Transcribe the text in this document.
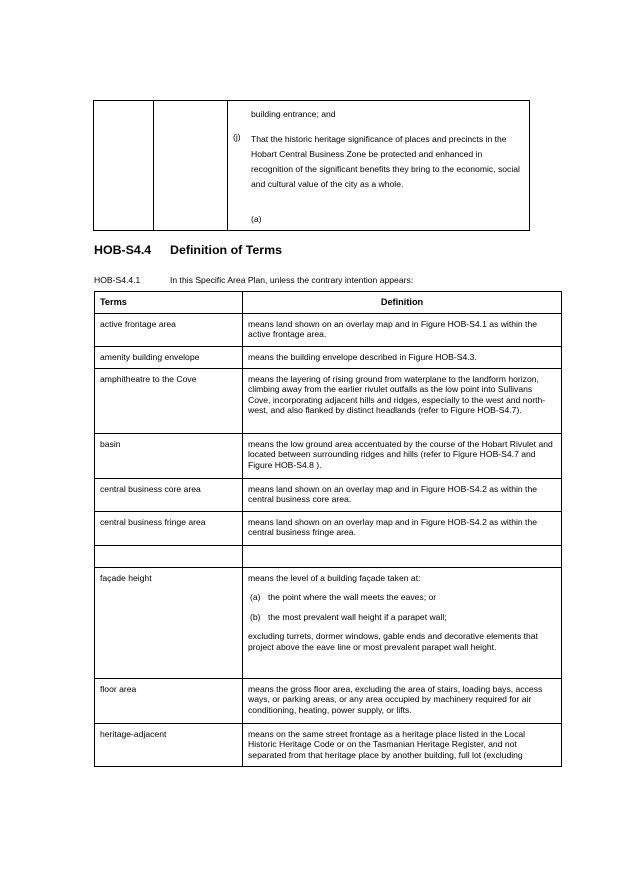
building entrance; and
(j) That the historic heritage significance of places and precincts in the Hobart Central Business Zone be protected and enhanced in recognition of the significant benefits they bring to the economic, social and cultural value of the city as a whole.
(a)
HOB-S4.4 Definition of Terms
HOB-S4.4.1	In this Specific Area Plan, unless the contrary intention appears:
Terms	Definition
active frontage area	means land shown on an overlay map and in Figure HOB-S4.1 as within the active frontage area.
amenity building envelope	means the building envelope described in Figure HOB-S4.3.
amphitheatre to the Cove	means the layering of rising ground from waterplane to the landform horizon, climbing away from the earlier rivulet outfalls as the low point into Sullivans Cove, incorporating adjacent hills and ridges, especially to the west and north-west, and also flanked by distinct headlands (refer to Figure HOB-S4.7).
basin	means the low ground area accentuated by the course of the Hobart Rivulet and located between surrounding ridges and hills (refer to Figure HOB-S4.7 and Figure HOB-S4.8 ).
central business core area	means land shown on an overlay map and in Figure HOB-S4.2 as within the central business core area.
central business fringe area	means land shown on an overlay map and in Figure HOB-S4.2 as within the central business fringe area.

façade height	means the level of a building façade taken at:
(a) the point where the wall meets the eaves; or
(b) the most prevalent wall height if a parapet wall;
excluding turrets, dormer windows, gable ends and decorative elements that project above the eave line or most prevalent parapet wall height.

floor area	means the gross floor area, excluding the area of stairs, loading bays, access ways, or parking areas, or any area occupied by machinery required for air conditioning, heating, power supply, or lifts.
heritage-adjacent	means on the same street frontage as a heritage place listed in the Local Historic Heritage Code or on the Tasmanian Heritage Register, and not separated from that heritage place by another building, full lot (excluding
